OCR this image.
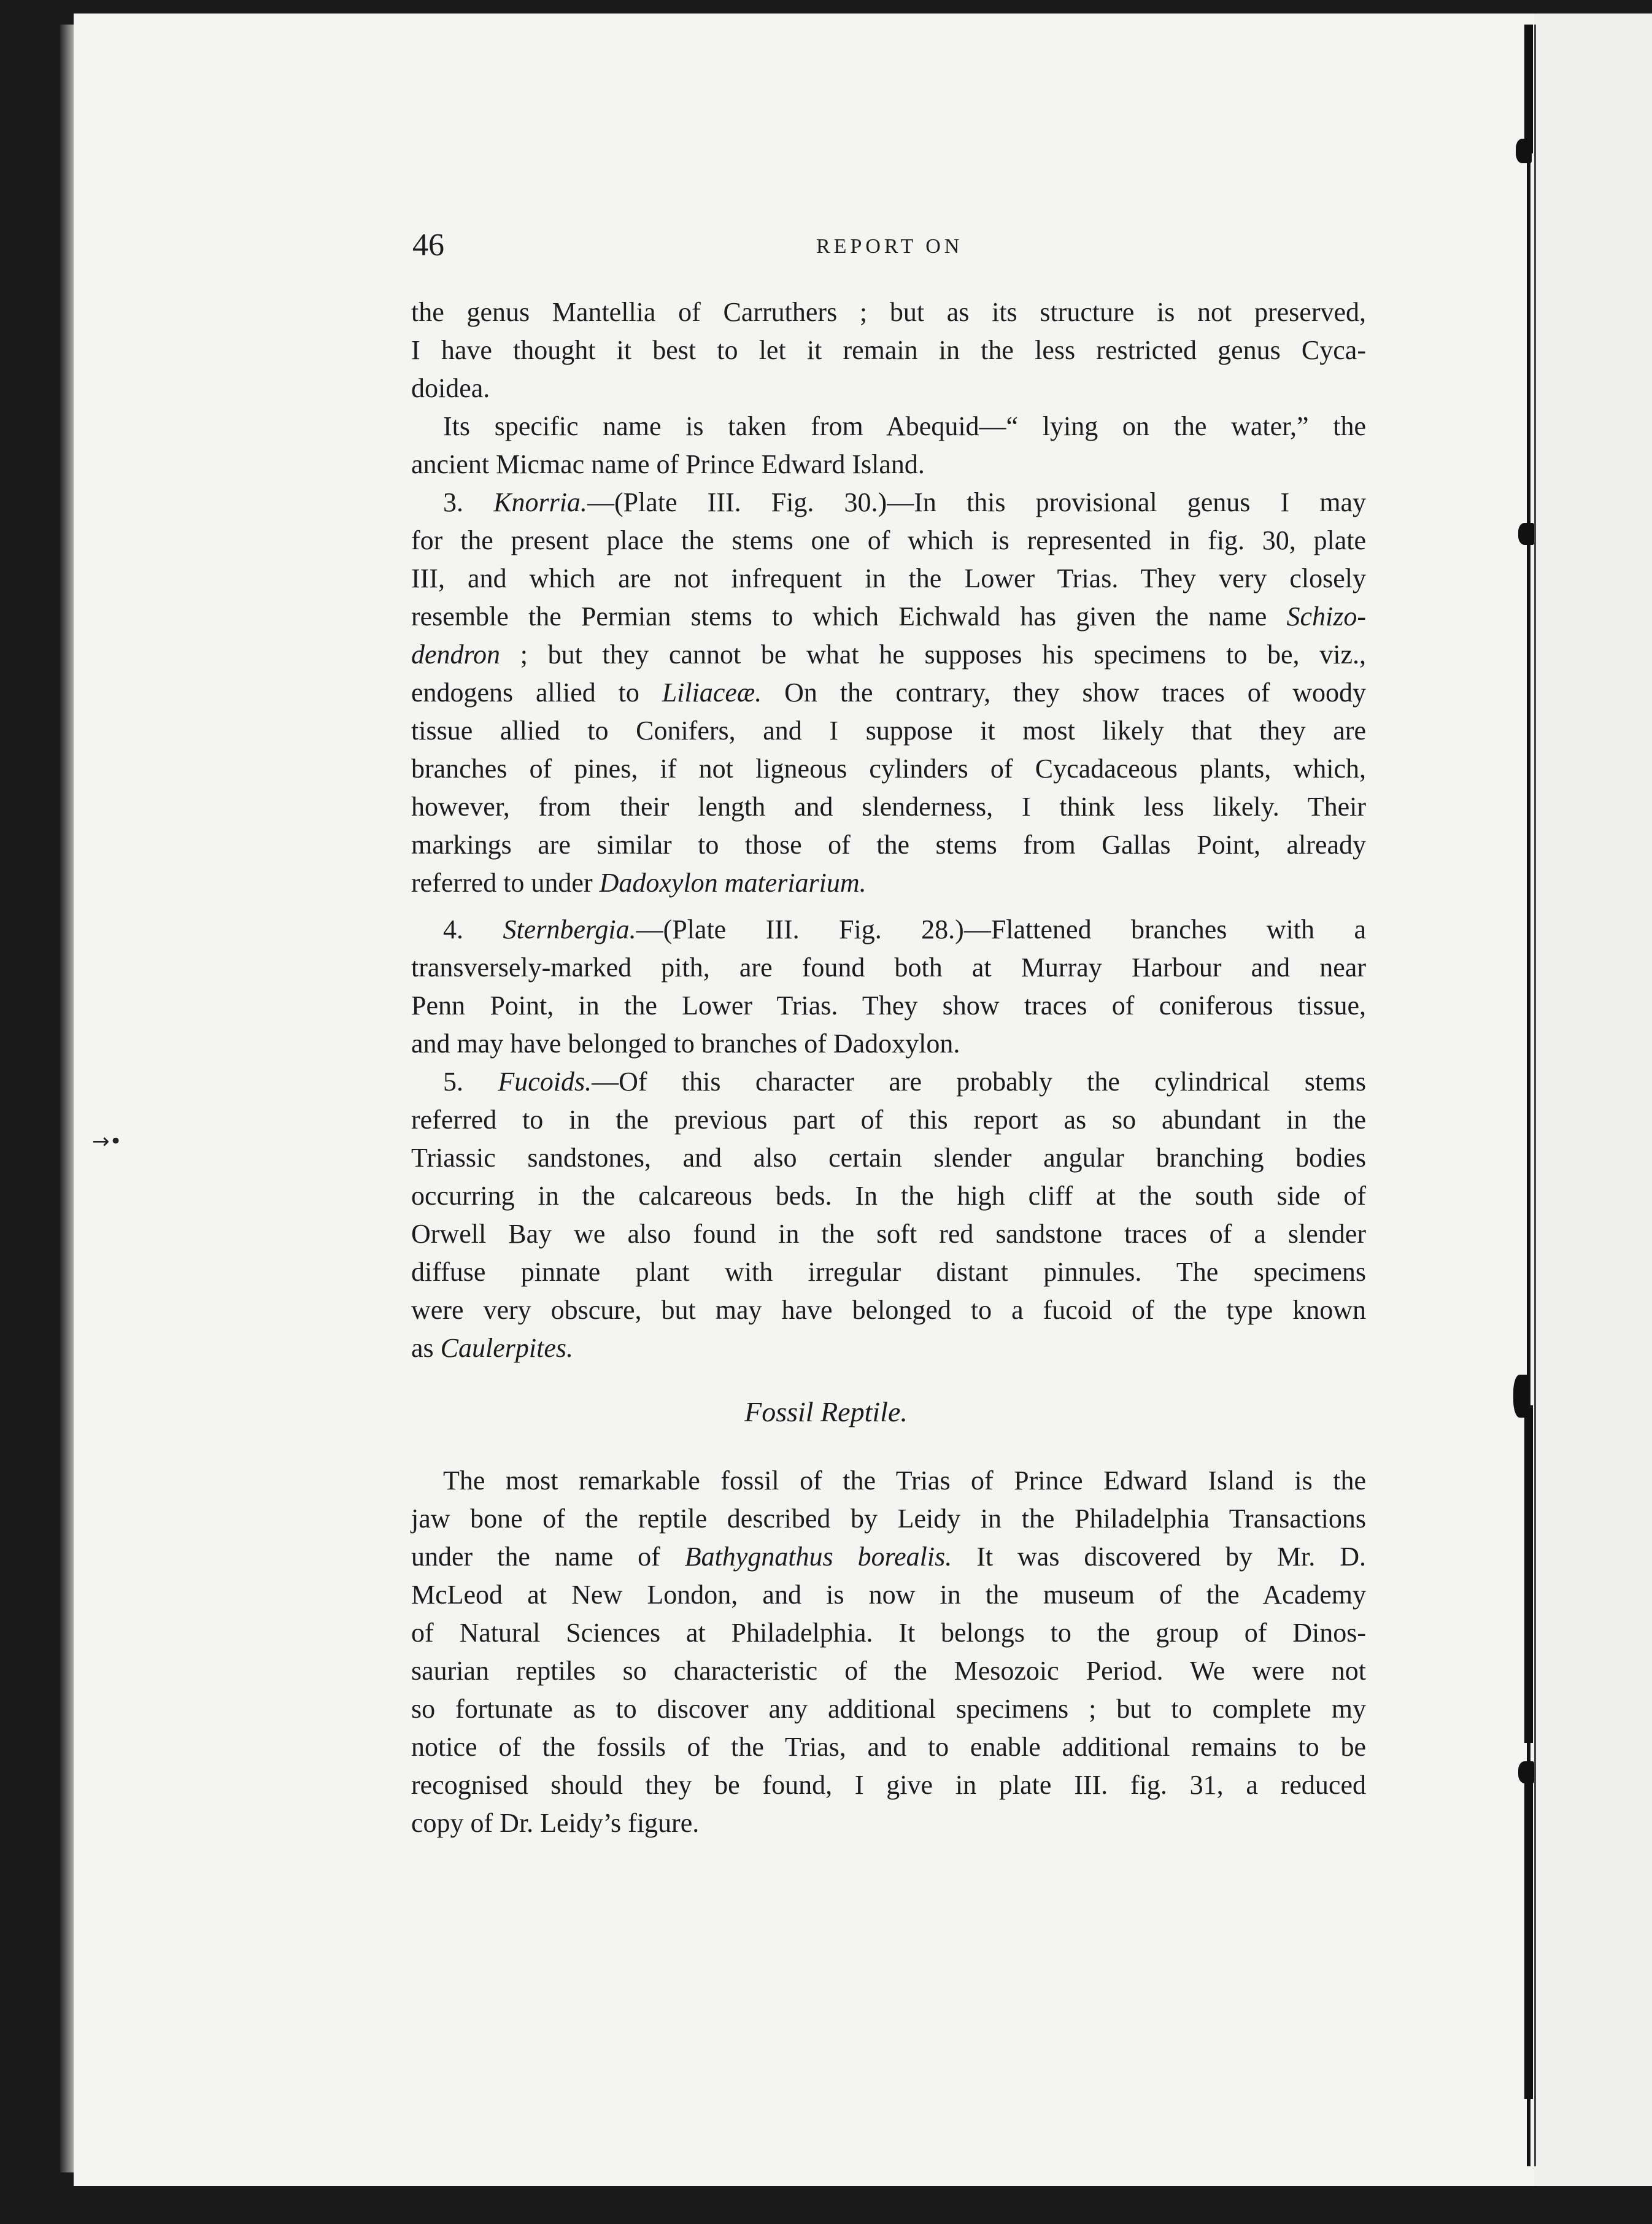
→•
46	REPORT ON
the genus Mantellia of Carruthers ; but as its structure is not preserved,
I have thought it best to let it remain in the less restricted genus Cyca-
doidea.
Its specific name is taken from Abequid—“ lying on the water,” the
ancient Micmac name of Prince Edward Island.
3. Knorria.—(Plate III. Fig. 30.)—In this provisional genus I may
for the present place the stems one of which is represented in fig. 30, plate
III, and which are not infrequent in the Lower Trias. They very closely
resemble the Permian stems to which Eichwald has given the name Schizo-
dendron ; but they cannot be what he supposes his specimens to be, viz.,
endogens allied to Liliaceæ. On the contrary, they show traces of woody
tissue allied to Conifers, and I suppose it most likely that they are
branches of pines, if not ligneous cylinders of Cycadaceous plants, which,
however, from their length and slenderness, I think less likely. Their
markings are similar to those of the stems from Gallas Point, already
referred to under Dadoxylon materiarium.
4. Sternbergia.—(Plate III. Fig. 28.)—Flattened branches with a
transversely-marked pith, are found both at Murray Harbour and near
Penn Point, in the Lower Trias. They show traces of coniferous tissue,
and may have belonged to branches of Dadoxylon.
5. Fucoids.—Of this character are probably the cylindrical stems
referred to in the previous part of this report as so abundant in the
Triassic sandstones, and also certain slender angular branching bodies
occurring in the calcareous beds. In the high cliff at the south side of
Orwell Bay we also found in the soft red sandstone traces of a slender
diffuse pinnate plant with irregular distant pinnules. The specimens
were very obscure, but may have belonged to a fucoid of the type known
as Caulerpites.
Fossil Reptile.
The most remarkable fossil of the Trias of Prince Edward Island is the
jaw bone of the reptile described by Leidy in the Philadelphia Transactions
under the name of Bathygnathus borealis. It was discovered by Mr. D.
McLeod at New London, and is now in the museum of the Academy
of Natural Sciences at Philadelphia. It belongs to the group of Dinos-
saurian reptiles so characteristic of the Mesozoic Period. We were not
so fortunate as to discover any additional specimens ; but to complete my
notice of the fossils of the Trias, and to enable additional remains to be
recognised should they be found, I give in plate III. fig. 31, a reduced
copy of Dr. Leidy’s figure.
